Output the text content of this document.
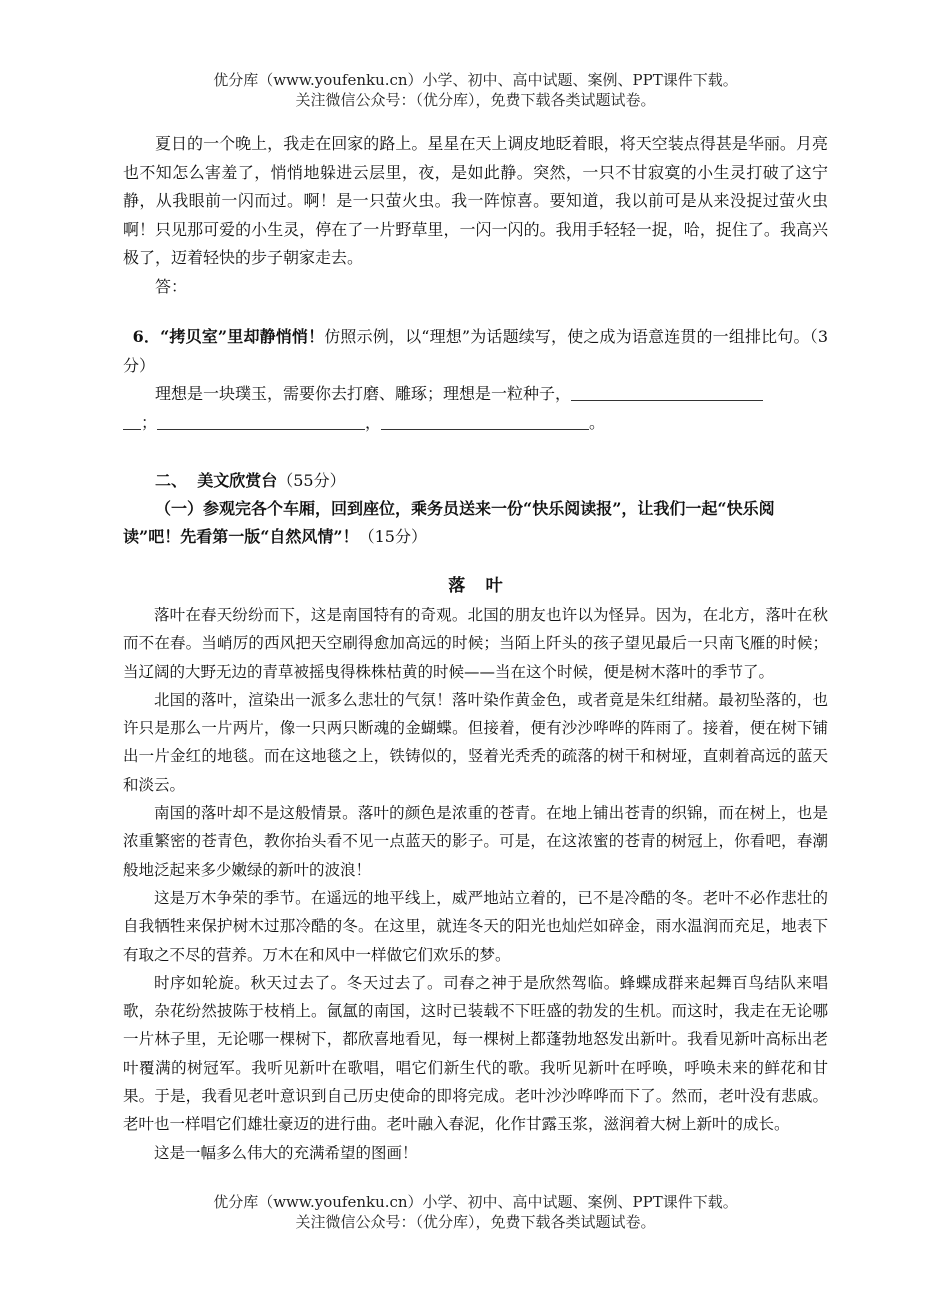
优分库（www.youfenku.cn）小学、初中、高中试题、案例、PPT课件下载。
关注微信公众号：（优分库），免费下载各类试题试卷。

夏日的一个晚上，我走在回家的路上。星星在天上调皮地眨着眼，将天空装点得甚是华丽。月亮也不知怎么害羞了，悄悄地躲进云层里，夜，是如此静。突然，一只不甘寂寞的小生灵打破了这宁静，从我眼前一闪而过。啊！是一只萤火虫。我一阵惊喜。要知道，我以前可是从来没捉过萤火虫啊！只见那可爱的小生灵，停在了一片野草里，一闪一闪的。我用手轻轻一捉，哈，捉住了。我高兴极了，迈着轻快的步子朝家走去。

答：

6．“拷贝室”里却静悄悄！仿照示例，以“理想”为话题续写，使之成为语意连贯的一组排比句。（3分）

理想是一块璞玉，需要你去打磨、雕琢；理想是一粒种子，

；	，	。

二、 美文欣赏台（55分）

（一）参观完各个车厢，回到座位，乘务员送来一份“快乐阅读报”，让我们一起“快乐阅读”吧！先看第一版“自然风情”！（15分）

落叶

落叶在春天纷纷而下，这是南国特有的奇观。北国的朋友也许以为怪异。因为，在北方，落叶在秋而不在春。当峭厉的西风把天空刷得愈加高远的时候；当陌上阡头的孩子望见最后一只南飞雁的时候；当辽阔的大野无边的青草被摇曳得株株枯黄的时候——当在这个时候，便是树木落叶的季节了。

北国的落叶，渲染出一派多么悲壮的气氛！落叶染作黄金色，或者竟是朱红绀赭。最初坠落的，也许只是那么一片两片，像一只两只断魂的金蝴蝶。但接着，便有沙沙哗哗的阵雨了。接着，便在树下铺出一片金红的地毯。而在这地毯之上，铁铸似的，竖着光秃秃的疏落的树干和树垭，直刺着高远的蓝天和淡云。

南国的落叶却不是这般情景。落叶的颜色是浓重的苍青。在地上铺出苍青的织锦，而在树上，也是浓重繁密的苍青色，教你抬头看不见一点蓝天的影子。可是，在这浓蜜的苍青的树冠上，你看吧，春潮般地泛起来多少嫩绿的新叶的波浪！

这是万木争荣的季节。在遥远的地平线上，威严地站立着的，已不是冷酷的冬。老叶不必作悲壮的自我牺牲来保护树木过那冷酷的冬。在这里，就连冬天的阳光也灿烂如碎金，雨水温润而充足，地表下有取之不尽的营养。万木在和风中一样做它们欢乐的梦。

时序如轮旋。秋天过去了。冬天过去了。司春之神于是欣然驾临。蜂蝶成群来起舞百鸟结队来唱歌，杂花纷然披陈于枝梢上。氤氲的南国，这时已装载不下旺盛的勃发的生机。而这时，我走在无论哪一片林子里，无论哪一棵树下，都欣喜地看见，每一棵树上都蓬勃地怒发出新叶。我看见新叶高标出老叶覆满的树冠军。我听见新叶在歌唱，唱它们新生代的歌。我听见新叶在呼唤，呼唤未来的鲜花和甘果。于是，我看见老叶意识到自己历史使命的即将完成。老叶沙沙哗哗而下了。然而，老叶没有悲戚。老叶也一样唱它们雄壮豪迈的进行曲。老叶融入春泥，化作甘露玉浆，滋润着大树上新叶的成长。

这是一幅多么伟大的充满希望的图画！

优分库（www.youfenku.cn）小学、初中、高中试题、案例、PPT课件下载。
关注微信公众号：（优分库），免费下载各类试题试卷。
